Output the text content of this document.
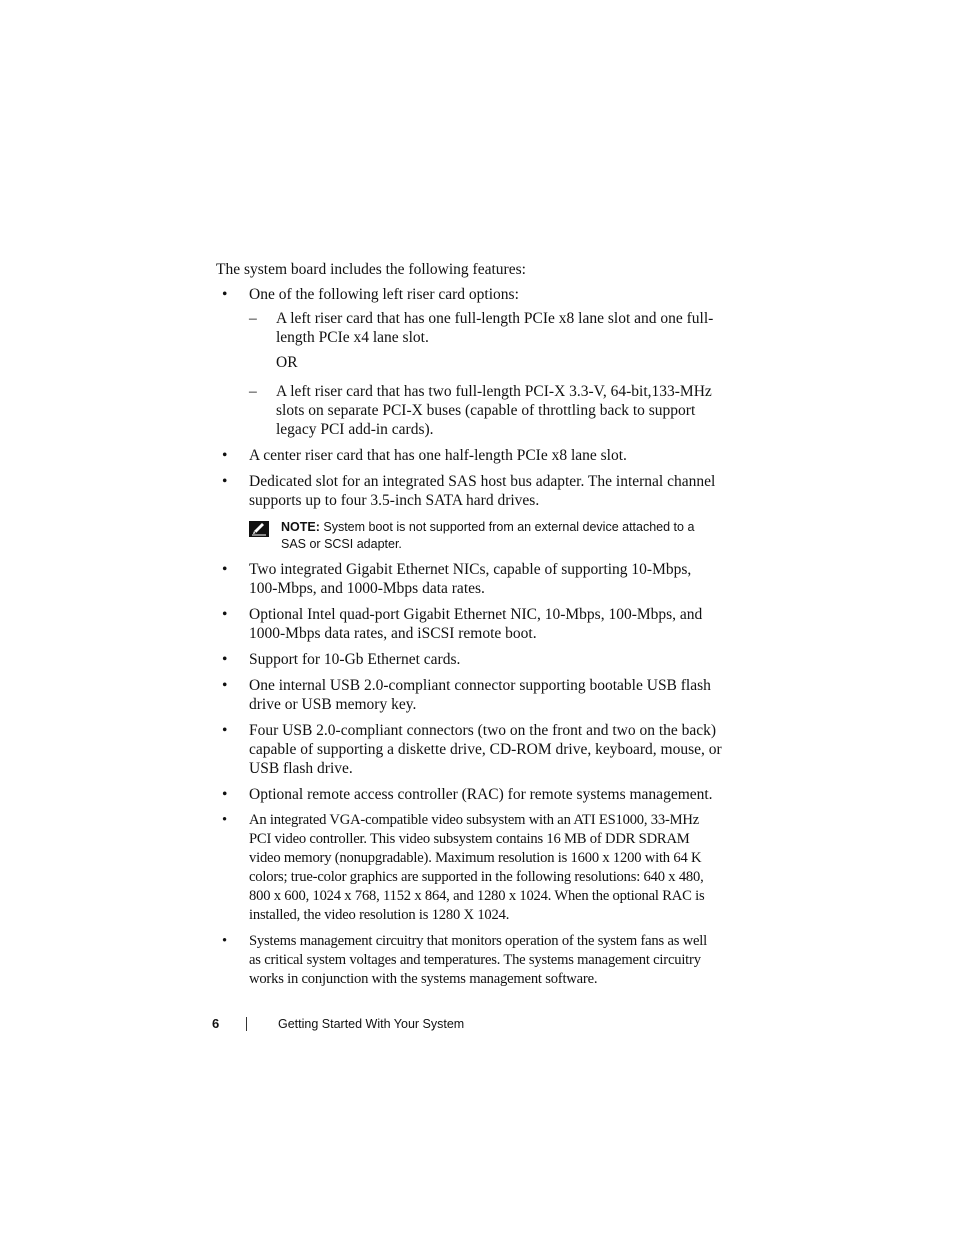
The system board includes the following features:

• One of the following left riser card options:
– A left riser card that has one full-length PCIe x8 lane slot and one full-length PCIe x4 lane slot.
OR
– A left riser card that has two full-length PCI-X 3.3-V, 64-bit,133-MHz slots on separate PCI-X buses (capable of throttling back to support legacy PCI add-in cards).
• A center riser card that has one half-length PCIe x8 lane slot.
• Dedicated slot for an integrated SAS host bus adapter. The internal channel supports up to four 3.5-inch SATA hard drives.
NOTE: System boot is not supported from an external device attached to a SAS or SCSI adapter.
• Two integrated Gigabit Ethernet NICs, capable of supporting 10-Mbps, 100-Mbps, and 1000-Mbps data rates.
• Optional Intel quad-port Gigabit Ethernet NIC, 10-Mbps, 100-Mbps, and 1000-Mbps data rates, and iSCSI remote boot.
• Support for 10-Gb Ethernet cards.
• One internal USB 2.0-compliant connector supporting bootable USB flash drive or USB memory key.
• Four USB 2.0-compliant connectors (two on the front and two on the back) capable of supporting a diskette drive, CD-ROM drive, keyboard, mouse, or USB flash drive.
• Optional remote access controller (RAC) for remote systems management.
• An integrated VGA-compatible video subsystem with an ATI ES1000, 33-MHz PCI video controller. This video subsystem contains 16 MB of DDR SDRAM video memory (nonupgradable). Maximum resolution is 1600 x 1200 with 64 K colors; true-color graphics are supported in the following resolutions: 640 x 480, 800 x 600, 1024 x 768, 1152 x 864, and 1280 x 1024. When the optional RAC is installed, the video resolution is 1280 X 1024.
• Systems management circuitry that monitors operation of the system fans as well as critical system voltages and temperatures. The systems management circuitry works in conjunction with the systems management software.
6	Getting Started With Your System
